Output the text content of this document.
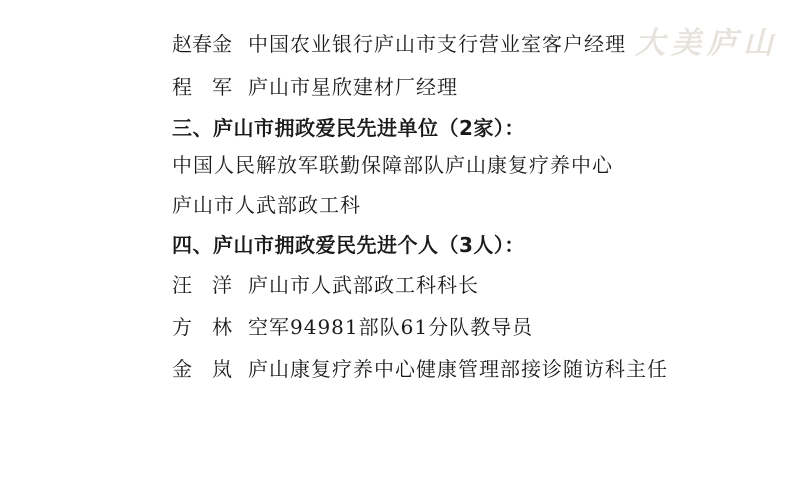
大美庐山
赵春金 中国农业银行庐山市支行营业室客户经理
程　军 庐山市星欣建材厂经理
三、庐山市拥政爱民先进单位（2家）：
中国人民解放军联勤保障部队庐山康复疗养中心
庐山市人武部政工科
四、庐山市拥政爱民先进个人（3人）：
汪　洋 庐山市人武部政工科科长
方　林 空军94981部队61分队教导员
金　岚 庐山康复疗养中心健康管理部接诊随访科主任
